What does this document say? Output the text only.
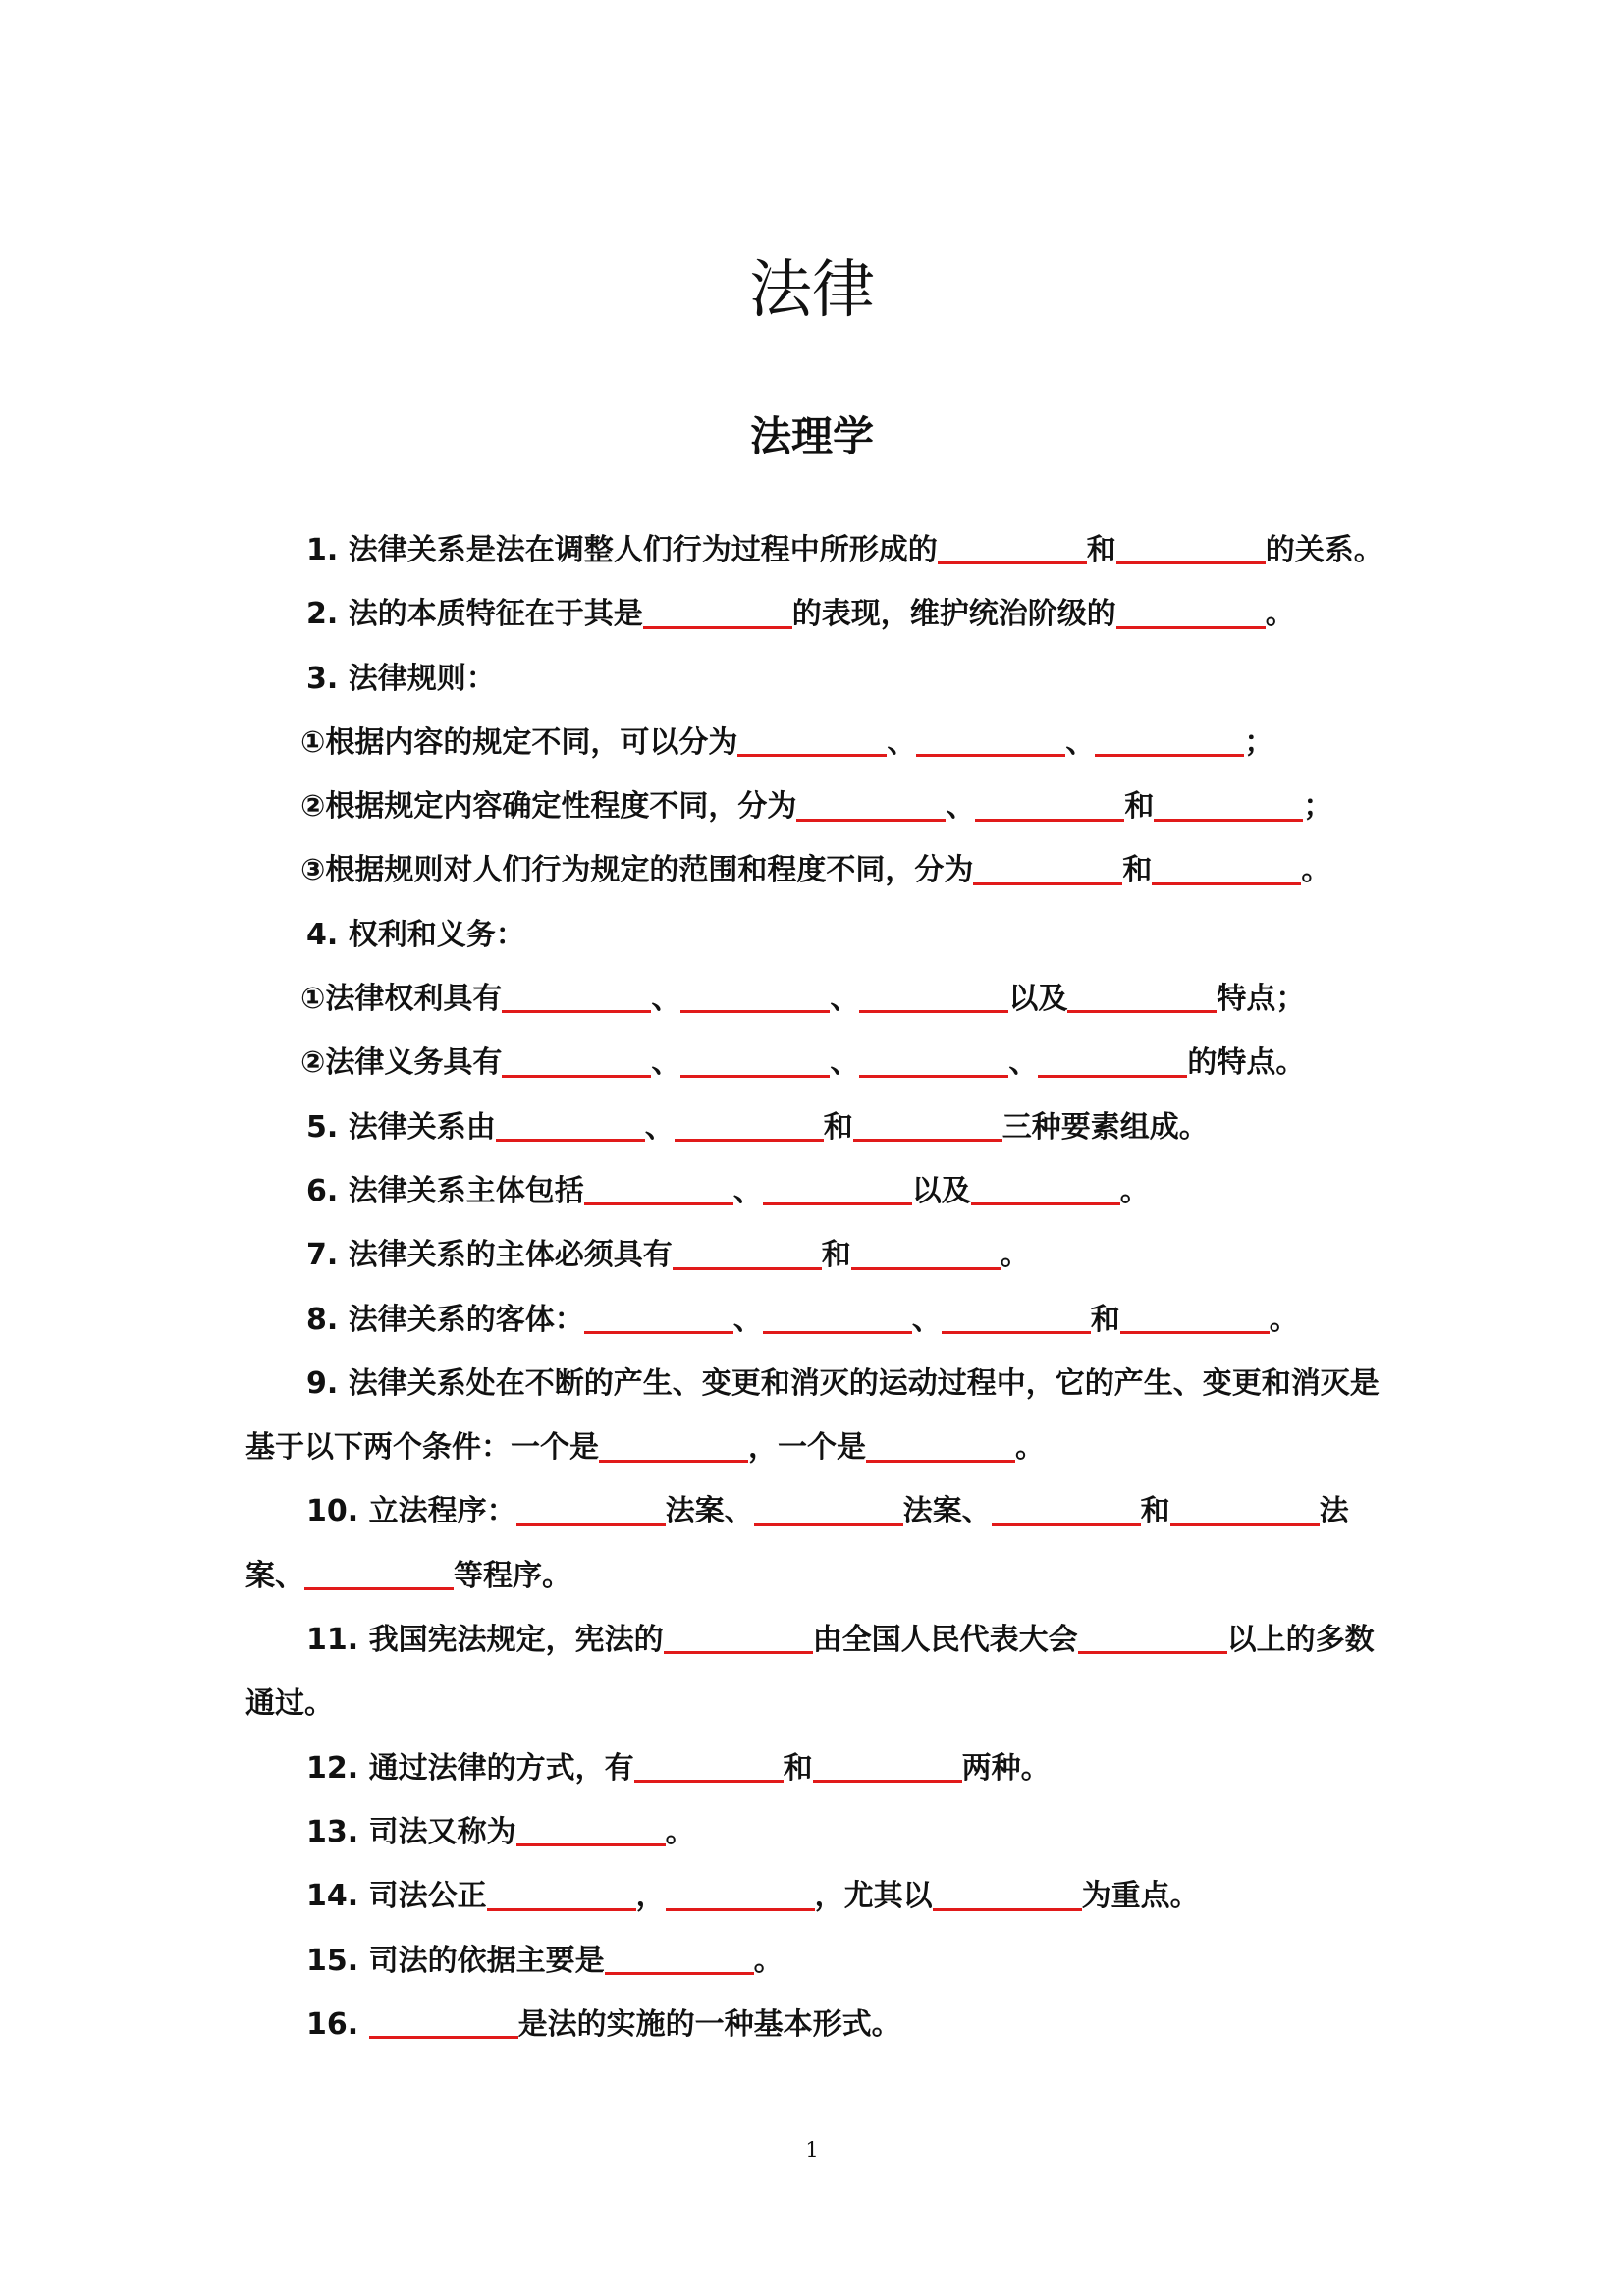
法律
法理学

1. 法律关系是法在调整人们行为过程中所形成的	和	的关系。

2. 法的本质特征在于其是	的表现，维护统治阶级的	。

3. 法律规则：

①根据内容的规定不同，可以分为	、	、	；

②根据规定内容确定性程度不同，分为	、	和	；

③根据规则对人们行为规定的范围和程度不同，分为	和	。

4. 权利和义务：

①法律权利具有	、	、	以及	特点；

②法律义务具有	、	、	、	的特点。

5. 法律关系由	、	和	三种要素组成。

6. 法律关系主体包括	、	以及	。

7. 法律关系的主体必须具有	和	。

8. 法律关系的客体：	、	、	和	。

9. 法律关系处在不断的产生、变更和消灭的运动过程中，它的产生、变更和消灭是基于以下两个条件：一个是	，一个是	。

10. 立法程序：	法案、	法案、	和	法案、	等程序。

11. 我国宪法规定，宪法的	由全国人民代表大会	以上的多数通过。

12. 通过法律的方式，有	和	两种。

13. 司法又称为	。

14. 司法公正	，	，尤其以	为重点。

15. 司法的依据主要是	。

16.	是法的实施的一种基本形式。

1
